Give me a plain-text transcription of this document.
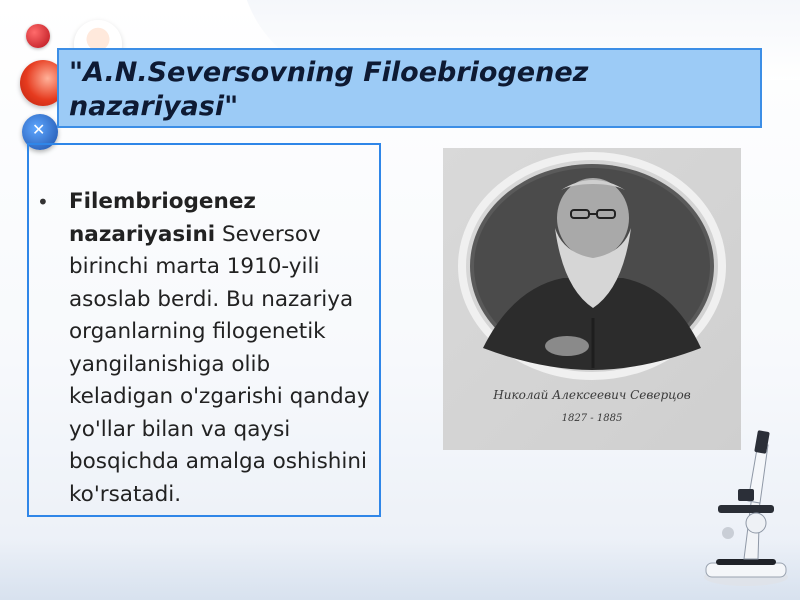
✕
"A.N.Seversovning Filoebriogenez nazariyasi"
• Filembriogenez nazariyasini Seversov birinchi marta 1910-yili asoslab berdi. Bu nazariya organlarning filogenetik yangilanishiga olib keladigan o'zgarishi qanday yo'llar bilan va qaysi bosqichda amalga oshishini ko'rsatadi.
Николай Алексеевич Северцов
1827 - 1885
